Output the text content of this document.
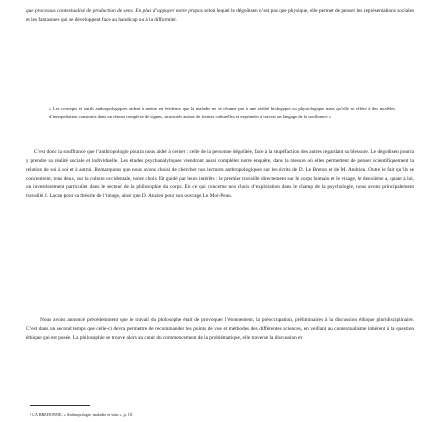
que processus contextualisé de production de sens. En plus d’appuyer notre propos selon lequel le dégoûtsen n’est pas que physique, elle permet de penser les représentations sociales et les fantasmes qui se développent face au handicap ou à la difformité.

« Les concepts et outils anthropologiques aident à mettre en évidence que la maladie ne se résume pas à une réalité biologique ou physiologique mais qu’elle se réfère à des modèles d’interprétation construits dans un réseau complexe de signes, structurés autour de formes culturelles et exprimées à travers un langage de la souffrance »

C’est donc la souffrance que l’anthropologie pourra nous aider à cerner : celle de la personne dégoûtée, face à la stupéfaction des autres regardant sa blessure. Le dégoûtsen pourra y prendre sa réalité sociale et individuelle. Les études psychanalytiques viendront aussi compléter notre enquête, dans la mesure où elles permettent de penser scientifiquement la relation de soi à soi et à autrui. Remarquons que nous avons choisi de chercher nos lectures anthropologiques sur les écrits de D. Le Breton et de M. Andrieu. Outre le fait qu’ils se concentrent, tous deux, sur la culture occidentale, notre choix fût guidé par leurs intérêts : le premier travaille directement sur le corps humain et le visage, le deuxième a, quant à lui, un investissement particulier dans le secteur de la philosophie du corps. En ce qui concerne nos choix d’exploration dans le champ de la psychologie, nous avons principalement travaillé J. Lacan pour sa théorie de l’image, ainsi que D. Anzieu pour son ouvrage Le Moi-Peau.

Nous avons annoncé précédemment que le travail du philosophe était de provoquer l’étonnement, la préoccupation, préliminaires à la discussion éthique pluridisciplinaire. C’est dans un second temps que celle-ci devra permettre de recommander les points de vue et méthodes des différentes sciences, en veillant au contextualisme inhérent à la question éthique qui est posée. La philosophie se trouve alors au cœur du commencement de la problématique, elle traverse la discussion et

¹ LA BREDONNE, « Anthropologie, maladie et soin », p. 10.
